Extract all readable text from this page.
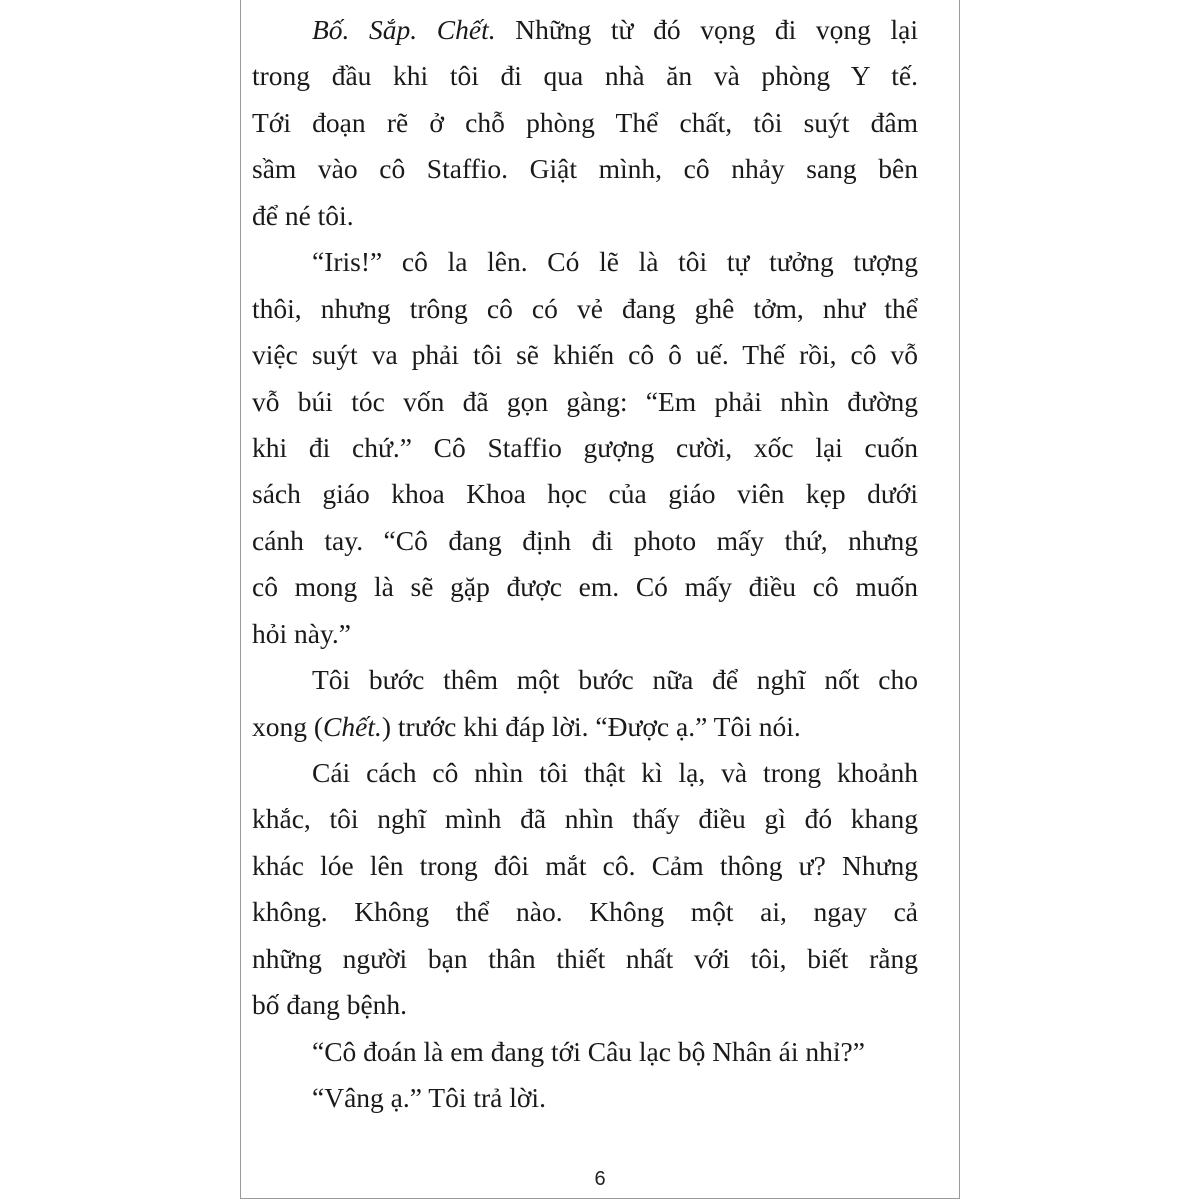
Bố. Sắp. Chết. Những từ đó vọng đi vọng lại
trong đầu khi tôi đi qua nhà ăn và phòng Y tế.
Tới đoạn rẽ ở chỗ phòng Thể chất, tôi suýt đâm
sầm vào cô Staffio. Giật mình, cô nhảy sang bên
để né tôi.
“Iris!” cô la lên. Có lẽ là tôi tự tưởng tượng
thôi, nhưng trông cô có vẻ đang ghê tởm, như thể
việc suýt va phải tôi sẽ khiến cô ô uế. Thế rồi, cô vỗ
vỗ búi tóc vốn đã gọn gàng: “Em phải nhìn đường
khi đi chứ.” Cô Staffio gượng cười, xốc lại cuốn
sách giáo khoa Khoa học của giáo viên kẹp dưới
cánh tay. “Cô đang định đi photo mấy thứ, nhưng
cô mong là sẽ gặp được em. Có mấy điều cô muốn
hỏi này.”
Tôi bước thêm một bước nữa để nghĩ nốt cho
xong (Chết.) trước khi đáp lời. “Được ạ.” Tôi nói.
Cái cách cô nhìn tôi thật kì lạ, và trong khoảnh
khắc, tôi nghĩ mình đã nhìn thấy điều gì đó khang
khác lóe lên trong đôi mắt cô. Cảm thông ư? Nhưng
không. Không thể nào. Không một ai, ngay cả
những người bạn thân thiết nhất với tôi, biết rằng
bố đang bệnh.
“Cô đoán là em đang tới Câu lạc bộ Nhân ái nhỉ?”
“Vâng ạ.” Tôi trả lời.
6
